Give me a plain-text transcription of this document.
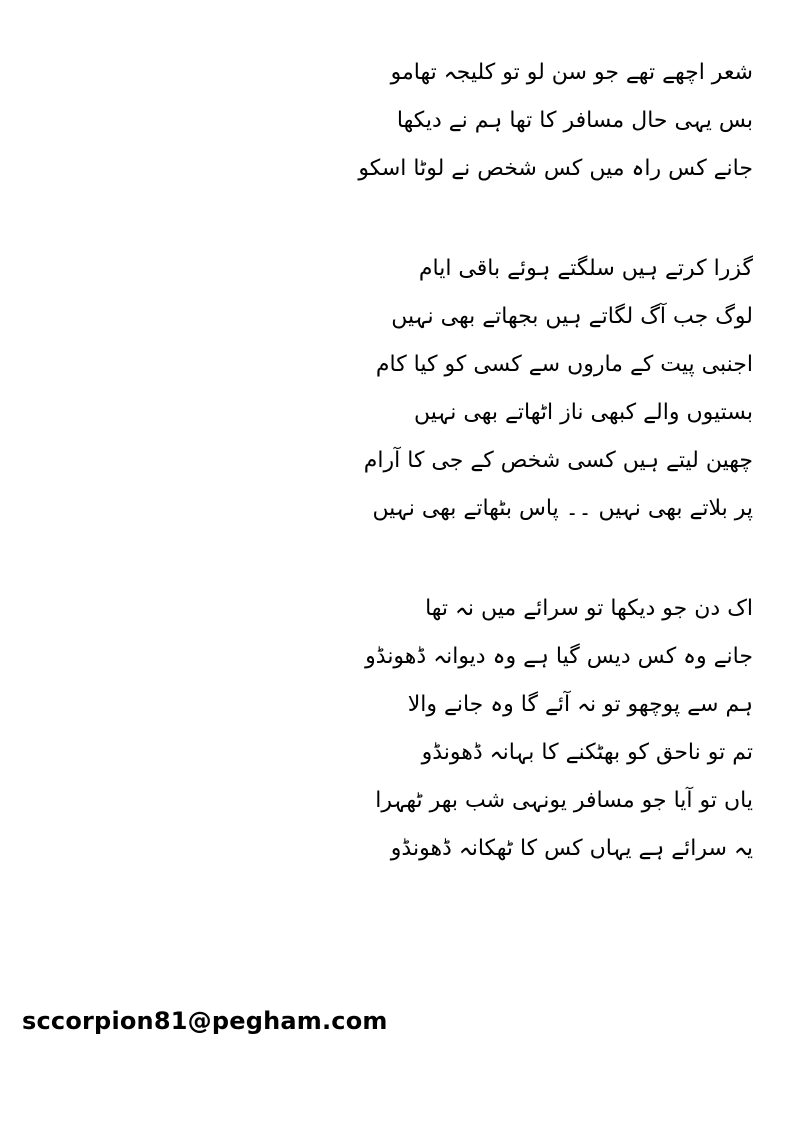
شعر اچھے تھے جو سن لو تو کلیجہ تھامو
بس یہی حال مسافر کا تھا ہم نے دیکھا
جانے کس راہ میں کس شخص نے لوٹا اسکو
گزرا کرتے ہیں سلگتے ہوئے باقی ایام
لوگ جب آگ لگاتے ہیں بجھاتے بھی نہیں
اجنبی پیت کے ماروں سے کسی کو کیا کام
بستیوں والے کبھی ناز اٹھاتے بھی نہیں
چھین لیتے ہیں کسی شخص کے جی کا آرام
پر بلاتے بھی نہیں ۔۔ پاس بٹھاتے بھی نہیں
اک دن جو دیکھا تو سرائے میں نہ تھا
جانے وہ کس دیس گیا ہے وہ دیوانہ ڈھونڈو
ہم سے پوچھو تو نہ آئے گا وہ جانے والا
تم تو ناحق کو بھٹکنے کا بہانہ ڈھونڈو
یاں تو آیا جو مسافر یونہی شب بھر ٹھہرا
یہ سرائے ہے یہاں کس کا ٹھکانہ ڈھونڈو
sccorpion81@pegham.com
